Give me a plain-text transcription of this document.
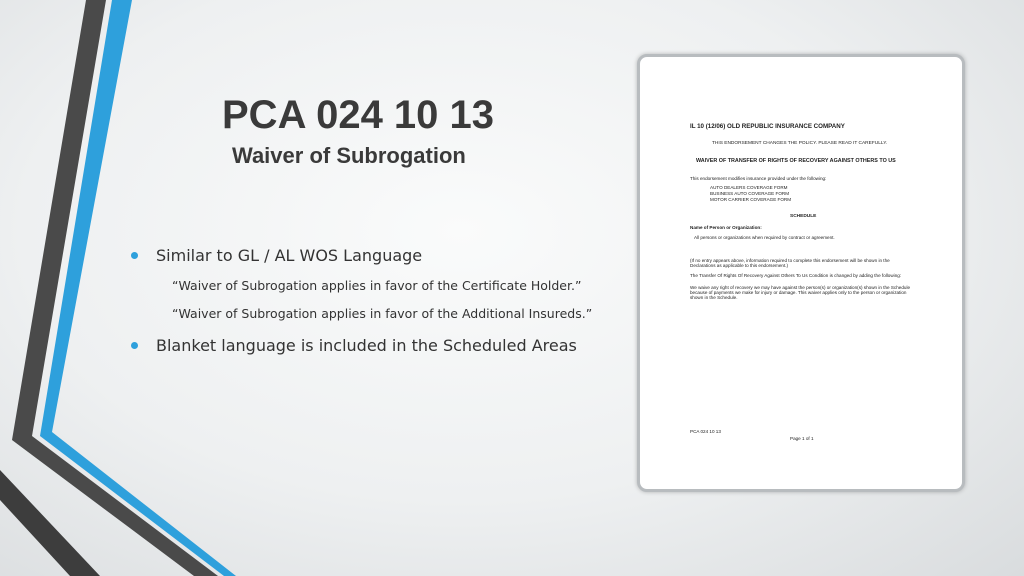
PCA 024 10 13
Waiver of Subrogation
Similar to GL / AL WOS Language
“Waiver of Subrogation applies in favor of the Certificate Holder.”
“Waiver of Subrogation applies in favor of the Additional Insureds.”
Blanket language is included in the Scheduled Areas
IL 10 (12/06) OLD REPUBLIC INSURANCE COMPANY
THIS ENDORSEMENT CHANGES THE POLICY. PLEASE READ IT CAREFULLY.
WAIVER OF TRANSFER OF RIGHTS OF RECOVERY AGAINST OTHERS TO US
This endorsement modifies insurance provided under the following:
AUTO DEALERS COVERAGE FORM
BUSINESS AUTO COVERAGE FORM
MOTOR CARRIER COVERAGE FORM
SCHEDULE
Name of Person or Organization:
All persons or organizations when required by contract or agreement.
(If no entry appears above, information required to complete this endorsement will be shown in the Declarations as applicable to this endorsement.)
The Transfer Of Rights Of Recovery Against Others To Us Condition is changed by adding the following:
We waive any right of recovery we may have against the person(s) or organization(s) shown in the Schedule because of payments we make for injury or damage. This waiver applies only to the person or organization shown in the Schedule.
PCA 024 10 13
Page 1 of 1
